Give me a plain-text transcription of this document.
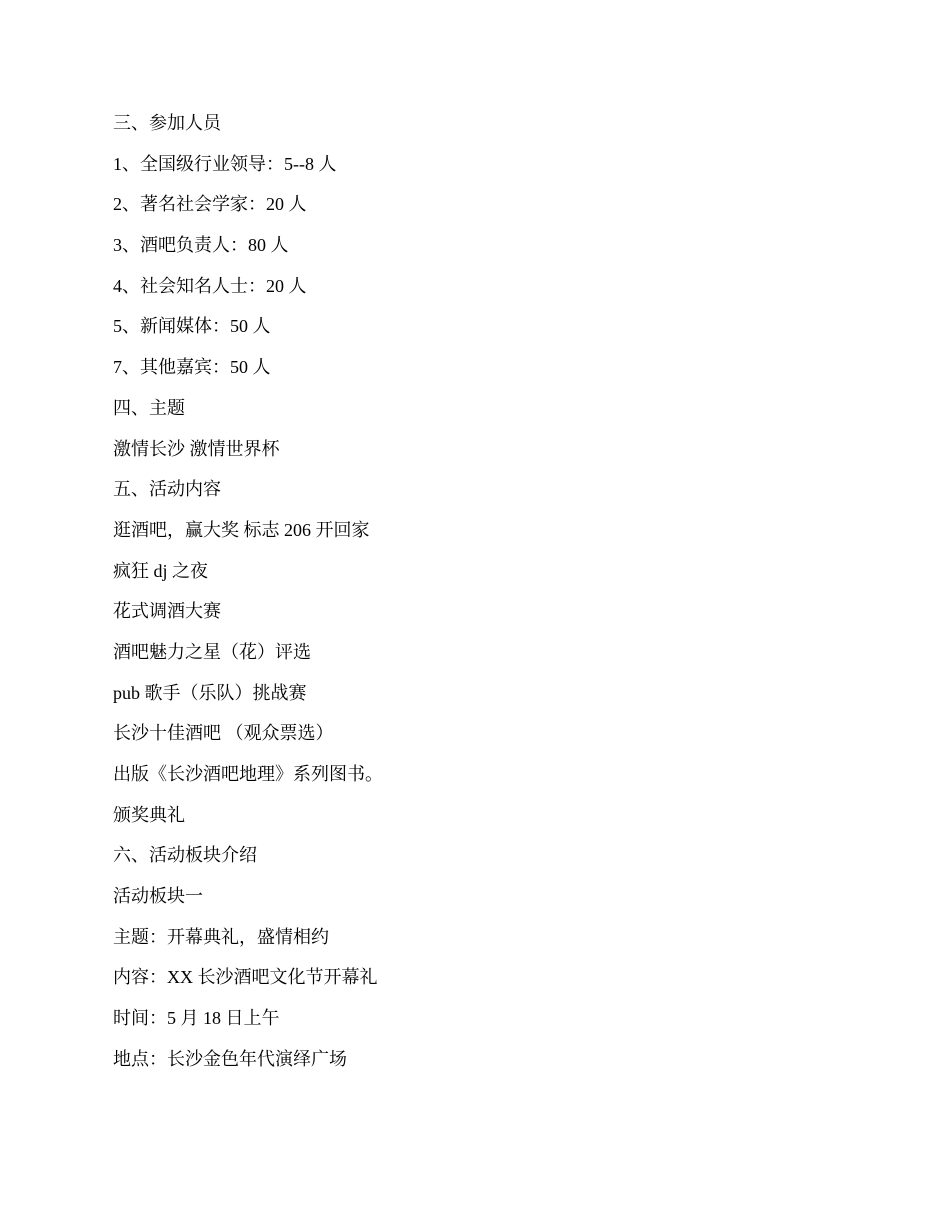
三、参加人员
1、全国级行业领导：5--8 人
2、著名社会学家：20 人
3、酒吧负责人：80 人
4、社会知名人士：20 人
5、新闻媒体：50 人
7、其他嘉宾：50 人
四、主题
激情长沙 激情世界杯
五、活动内容
逛酒吧，赢大奖 标志 206 开回家
疯狂 dj 之夜
花式调酒大赛
酒吧魅力之星（花）评选
pub 歌手（乐队）挑战赛
长沙十佳酒吧 （观众票选）
出版《长沙酒吧地理》系列图书。
颁奖典礼
六、活动板块介绍
活动板块一
主题：开幕典礼，盛情相约
内容：XX 长沙酒吧文化节开幕礼
时间：5 月 18 日上午
地点：长沙金色年代演绎广场
